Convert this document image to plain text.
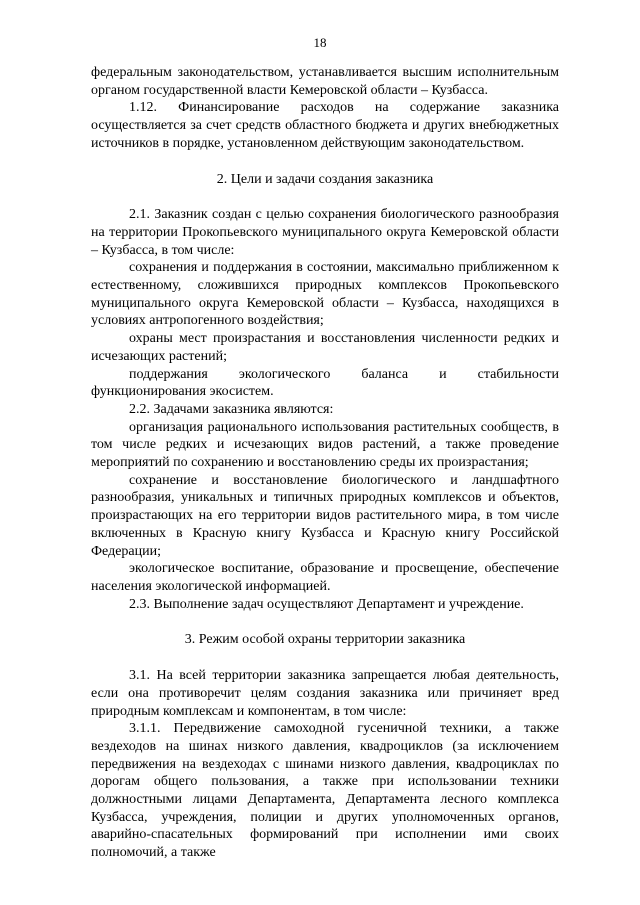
18

федеральным законодательством, устанавливается высшим исполнительным органом государственной власти Кемеровской области – Кузбасса.

1.12. Финансирование расходов на содержание заказника осуществляется за счет средств областного бюджета и других внебюджетных источников в порядке, установленном действующим законодательством.

2. Цели и задачи создания заказника

2.1. Заказник создан с целью сохранения биологического разнообразия на территории Прокопьевского муниципального округа Кемеровской области – Кузбасса, в том числе:

сохранения и поддержания в состоянии, максимально приближенном к естественному, сложившихся природных комплексов Прокопьевского муниципального округа Кемеровской области – Кузбасса, находящихся в условиях антропогенного воздействия;

охраны мест произрастания и восстановления численности редких и исчезающих растений;

поддержания экологического баланса и стабильности функционирования экосистем.

2.2. Задачами заказника являются:

организация рационального использования растительных сообществ, в том числе редких и исчезающих видов растений, а также проведение мероприятий по сохранению и восстановлению среды их произрастания;

сохранение и восстановление биологического и ландшафтного разнообразия, уникальных и типичных природных комплексов и объектов, произрастающих на его территории видов растительного мира, в том числе включенных в Красную книгу Кузбасса и Красную книгу Российской Федерации;

экологическое воспитание, образование и просвещение, обеспечение населения экологической информацией.

2.3. Выполнение задач осуществляют Департамент и учреждение.

3. Режим особой охраны территории заказника

3.1. На всей территории заказника запрещается любая деятельность, если она противоречит целям создания заказника или причиняет вред природным комплексам и компонентам, в том числе:

3.1.1. Передвижение самоходной гусеничной техники, а также вездеходов на шинах низкого давления, квадроциклов (за исключением передвижения на вездеходах с шинами низкого давления, квадроциклах по дорогам общего пользования, а также при использовании техники должностными лицами Департамента, Департамента лесного комплекса Кузбасса, учреждения, полиции и других уполномоченных органов, аварийно-спасательных формирований при исполнении ими своих полномочий, а также
